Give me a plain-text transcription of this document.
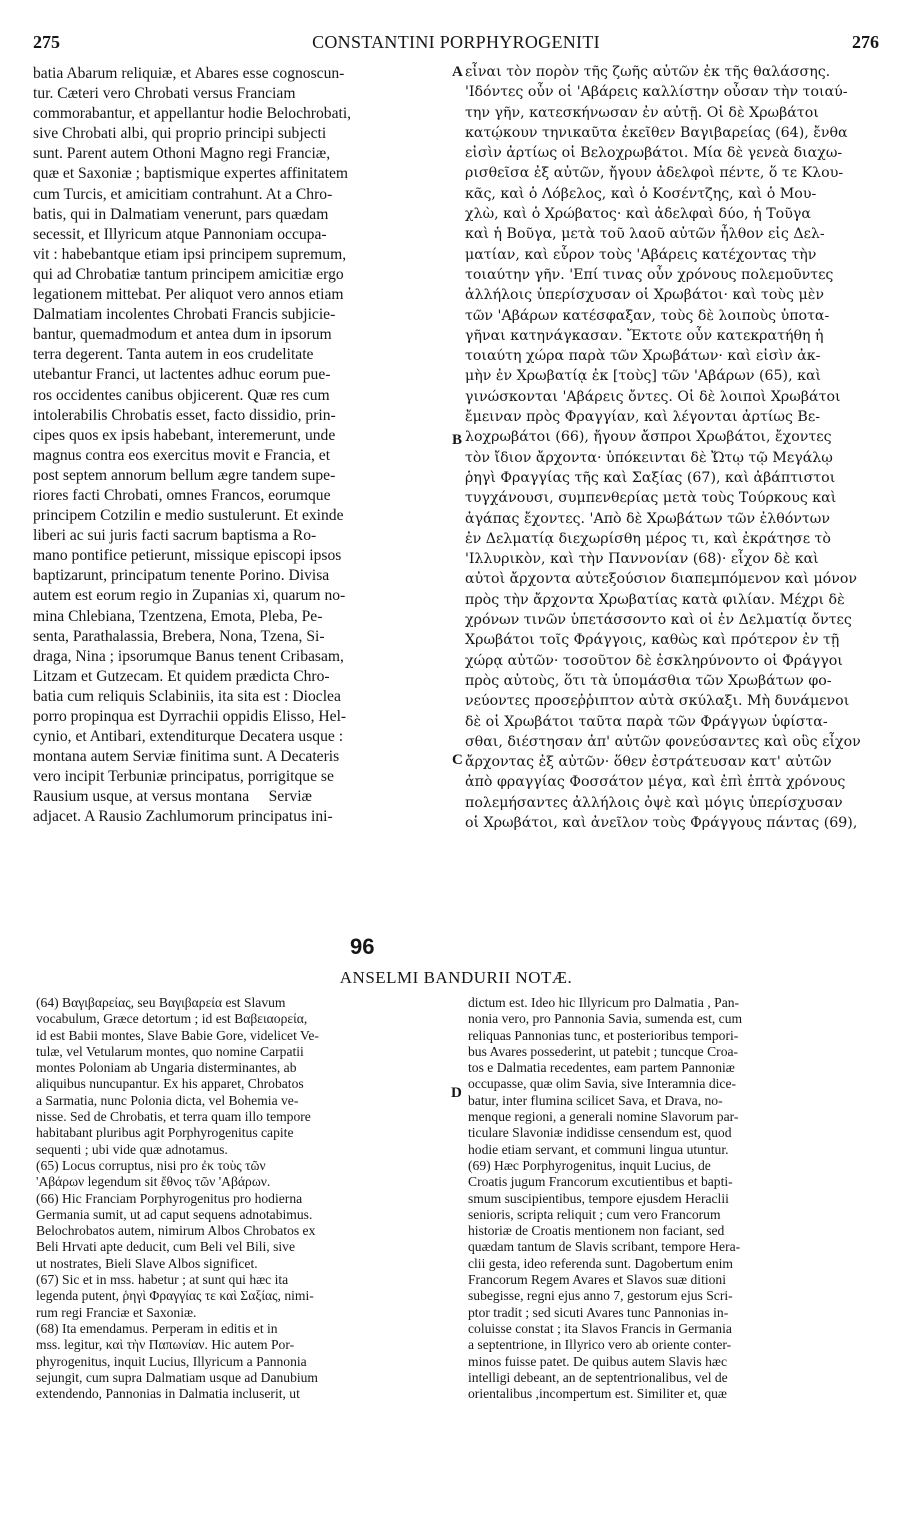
275	CONSTANTINI PORPHYROGENITI	276
batia Abarum reliquiæ, et Abares esse cognoscun-
tur. Cæteri vero Chrobati versus Franciam
commorabantur, et appellantur hodie Belochrobati,
sive Chrobati albi, qui proprio principi subjecti
sunt. Parent autem Othoni Magno regi Franciæ,
quæ et Saxoniæ ; baptismique expertes affinitatem
cum Turcis, et amicitiam contrahunt. At a Chro-
batis, qui in Dalmatiam venerunt, pars quædam
secessit, et Illyricum atque Pannoniam occupa-
vit : habebantque etiam ipsi principem supremum,
qui ad Chrobatiæ tantum principem amicitiæ ergo
legationem mittebat. Per aliquot vero annos etiam
Dalmatiam incolentes Chrobati Francis subjicie-
bantur, quemadmodum et antea dum in ipsorum
terra degerent. Tanta autem in eos crudelitate
utebantur Franci, ut lactentes adhuc eorum pue-
ros occidentes canibus objicerent. Quæ res cum
intolerabilis Chrobatis esset, facto dissidio, prin-
cipes quos ex ipsis habebant, interemerunt, unde
magnus contra eos exercitus movit e Francia, et
post septem annorum bellum ægre tandem supe-
riores facti Chrobati, omnes Francos, eorumque
principem Cotzilin e medio sustulerunt. Et exinde
liberi ac sui juris facti sacrum baptisma a Ro-
mano pontifice petierunt, missique episcopi ipsos
baptizarunt, principatum tenente Porino. Divisa
autem est eorum regio in Zupanias xi, quarum no-
mina Chlebiana, Tzentzena, Emota, Pleba, Pe-
senta, Parathalassia, Brebera, Nona, Tzena, Si-
draga, Nina ; ipsorumque Banus tenent Cribasam,
Litzam et Gutzecam. Et quidem prædicta Chro-
batia cum reliquis Sclabiniis, ita sita est : Dioclea
porro propinqua est Dyrrachii oppidis Elisso, Hel-
cynio, et Antibari, extenditurque Decatera usque :
montana autem Serviæ finitima sunt. A Decateris
vero incipit Terbuniæ principatus, porrigitque se
Rausium usque, at versus montana     Serviæ
adjacet. A Rausio Zachlumorum principatus ini-
εἶναι τὸν πορὸν τῆς ζωῆς αὐτῶν ἐκ τῆς θαλάσσης.
'Ιδόντες οὖν οἱ 'Αβάρεις καλλίστην οὖσαν τὴν τοιαύ-
την γῆν, κατεσκήνωσαν ἐν αὐτῇ. Οἱ δὲ Χρωβάτοι
κατῴκουν τηνικαῦτα ἐκεῖθεν Βαγιβαρείας (64), ἔνθα
εἰσὶν ἀρτίως οἱ Βελοχρωβάτοι. Μία δὲ γενεὰ διαχω-
ρισθεῖσα ἐξ αὐτῶν, ἤγουν ἀδελφοὶ πέντε, ὅ τε Κλου-
κᾶς, καὶ ὁ Λόβελος, καὶ ὁ Κοσέντζης, καὶ ὁ Μου-
χλὼ, καὶ ὁ Χρώβατος· καὶ ἀδελφαὶ δύο, ἡ Τοῦγα
καὶ ἡ Βοῦγα, μετὰ τοῦ λαοῦ αὐτῶν ἦλθον εἰς Δελ-
ματίαν, καὶ εὗρον τοὺς 'Αβάρεις κατέχοντας τὴν
τοιαύτην γῆν. 'Επί τινας οὖν χρόνους πολεμοῦντες
ἀλλήλοις ὑπερίσχυσαν οἱ Χρωβάτοι· καὶ τοὺς μὲν
τῶν 'Αβάρων κατέσφαξαν, τοὺς δὲ λοιποὺς ὑποτα-
γῆναι κατηνάγκασαν. Ἔκτοτε οὖν κατεκρατήθη ἡ
τοιαύτη χώρα παρὰ τῶν Χρωβάτων· καὶ εἰσὶν ἀκ-
μὴν ἐν Χρωβατίᾳ ἐκ [τοὺς] τῶν 'Αβάρων (65), καὶ
γινώσκονται 'Αβάρεις ὄντες. Οἱ δὲ λοιποὶ Χρωβάτοι
ἔμειναν πρὸς Φραγγίαν, καὶ λέγονται ἀρτίως Βε-
λοχρωβάτοι (66), ἤγουν ἄσπροι Χρωβάτοι, ἔχοντες
τὸν ἴδιον ἄρχοντα· ὑπόκεινται δὲ Ὤτῳ τῷ Μεγάλῳ
ῥηγὶ Φραγγίας τῆς καὶ Σαξίας (67), καὶ ἀβάπτιστοι
τυγχάνουσι, συμπενθερίας μετὰ τοὺς Τούρκους καὶ
ἀγάπας ἔχοντες. 'Απὸ δὲ Χρωβάτων τῶν ἐλθόντων
ἐν Δελματίᾳ διεχωρίσθη μέρος τι, καὶ ἐκράτησε τὸ
'Ιλλυρικὸν, καὶ τὴν Παννονίαν (68)· εἶχον δὲ καὶ
αὐτοὶ ἄρχοντα αὐτεξούσιον διαπεμπόμενον καὶ μόνον
πρὸς τὴν ἄρχοντα Χρωβατίας κατὰ φιλίαν. Μέχρι δὲ
χρόνων τινῶν ὑπετάσσοντο καὶ οἱ ἐν Δελματίᾳ ὄντες
Χρωβάτοι τοῖς Φράγγοις, καθὼς καὶ πρότερον ἐν τῇ
χώρᾳ αὐτῶν· τοσοῦτον δὲ ἐσκληρύνοντο οἱ Φράγγοι
πρὸς αὐτοὺς, ὅτι τὰ ὑπομάσθια τῶν Χρωβάτων φο-
νεύοντες προσεῤῥιπτον αὐτὰ σκύλαξι. Μὴ δυνάμενοι
δὲ οἱ Χρωβάτοι ταῦτα παρὰ τῶν Φράγγων ὑφίστα-
σθαι, διέστησαν ἀπ' αὐτῶν φονεύσαντες καὶ οὓς εἶχον
ἄρχοντας ἐξ αὐτῶν· ὅθεν ἐστράτευσαν κατ' αὐτῶν
ἀπὸ φραγγίας Φοσσάτον μέγα, καὶ ἐπὶ ἑπτὰ χρόνους
πολεμήσαντες ἀλλήλοις ὀψὲ καὶ μόγις ὑπερίσχυσαν
οἱ Χρωβάτοι, καὶ ἀνεῖλον τοὺς Φράγγους πάντας (69),
A
B
C
D
96
ANSELMI BANDURII NOTÆ.
(64) Βαγιβαρείας, seu Βαγιβαρεία est Slavum
vocabulum, Græce detortum ; id est Βαβειαορεία,
id est Babii montes, Slave Babie Gore, videlicet Ve-
tulæ, vel Vetularum montes, quo nomine Carpatii
montes Poloniam ab Ungaria disterminantes, ab
aliquibus nuncupantur. Ex his apparet, Chrobatos
a Sarmatia, nunc Polonia dicta, vel Bohemia ve-
nisse. Sed de Chrobatis, et terra quam illo tempore
habitabant pluribus agit Porphyrogenitus capite
sequenti ; ubi vide quæ adnotamus.
(65) Locus corruptus, nisi pro ἐκ τοὺς τῶν
'Αβάρων legendum sit ἔθνος τῶν 'Αβάρων.
(66) Hic Franciam Porphyrogenitus pro hodierna
Germania sumit, ut ad caput sequens adnotabimus.
Belochrobatos autem, nimirum Albos Chrobatos ex
Beli Hrvati apte deducit, cum Beli vel Bili, sive
ut nostrates, Bieli Slave Albos significet.
(67) Sic et in mss. habetur ; at sunt qui hæc ita
legenda putent, ῥηγὶ Φραγγίας τε καὶ Σαξίας, nimi-
rum regi Franciæ et Saxoniæ.
(68) Ita emendamus. Perperam in editis et in
mss. legitur, καὶ τὴν Παπωνίαν. Hic autem Por-
phyrogenitus, inquit Lucius, Illyricum a Pannonia
sejungit, cum supra Dalmatiam usque ad Danubium
extendendo, Pannonias in Dalmatia incluserit, ut
dictum est. Ideo hic Illyricum pro Dalmatia , Pan-
nonia vero, pro Pannonia Savia, sumenda est, cum
reliquas Pannonias tunc, et posterioribus tempori-
bus Avares possederint, ut patebit ; tuncque Croa-
tos e Dalmatia recedentes, eam partem Pannoniæ
occupasse, quæ olim Savia, sive Interamnia dice-
batur, inter flumina scilicet Sava, et Drava, no-
menque regioni, a generali nomine Slavorum par-
ticulare Slavoniæ indidisse censendum est, quod
hodie etiam servant, et communi lingua utuntur.
(69) Hæc Porphyrogenitus, inquit Lucius, de
Croatis jugum Francorum excutientibus et bapti-
smum suscipientibus, tempore ejusdem Heraclii
senioris, scripta reliquit ; cum vero Francorum
historiæ de Croatis mentionem non faciant, sed
quædam tantum de Slavis scribant, tempore Hera-
clii gesta, ideo referenda sunt. Dagobertum enim
Francorum Regem Avares et Slavos suæ ditioni
subegisse, regni ejus anno 7, gestorum ejus Scri-
ptor tradit ; sed sicuti Avares tunc Pannonias in-
coluisse constat ; ita Slavos Francis in Germania
a septentrione, in Illyrico vero ab oriente conter-
minos fuisse patet. De quibus autem Slavis hæc
intelligi debeant, an de septentrionalibus, vel de
orientalibus ,incompertum est. Similiter et, quæ
